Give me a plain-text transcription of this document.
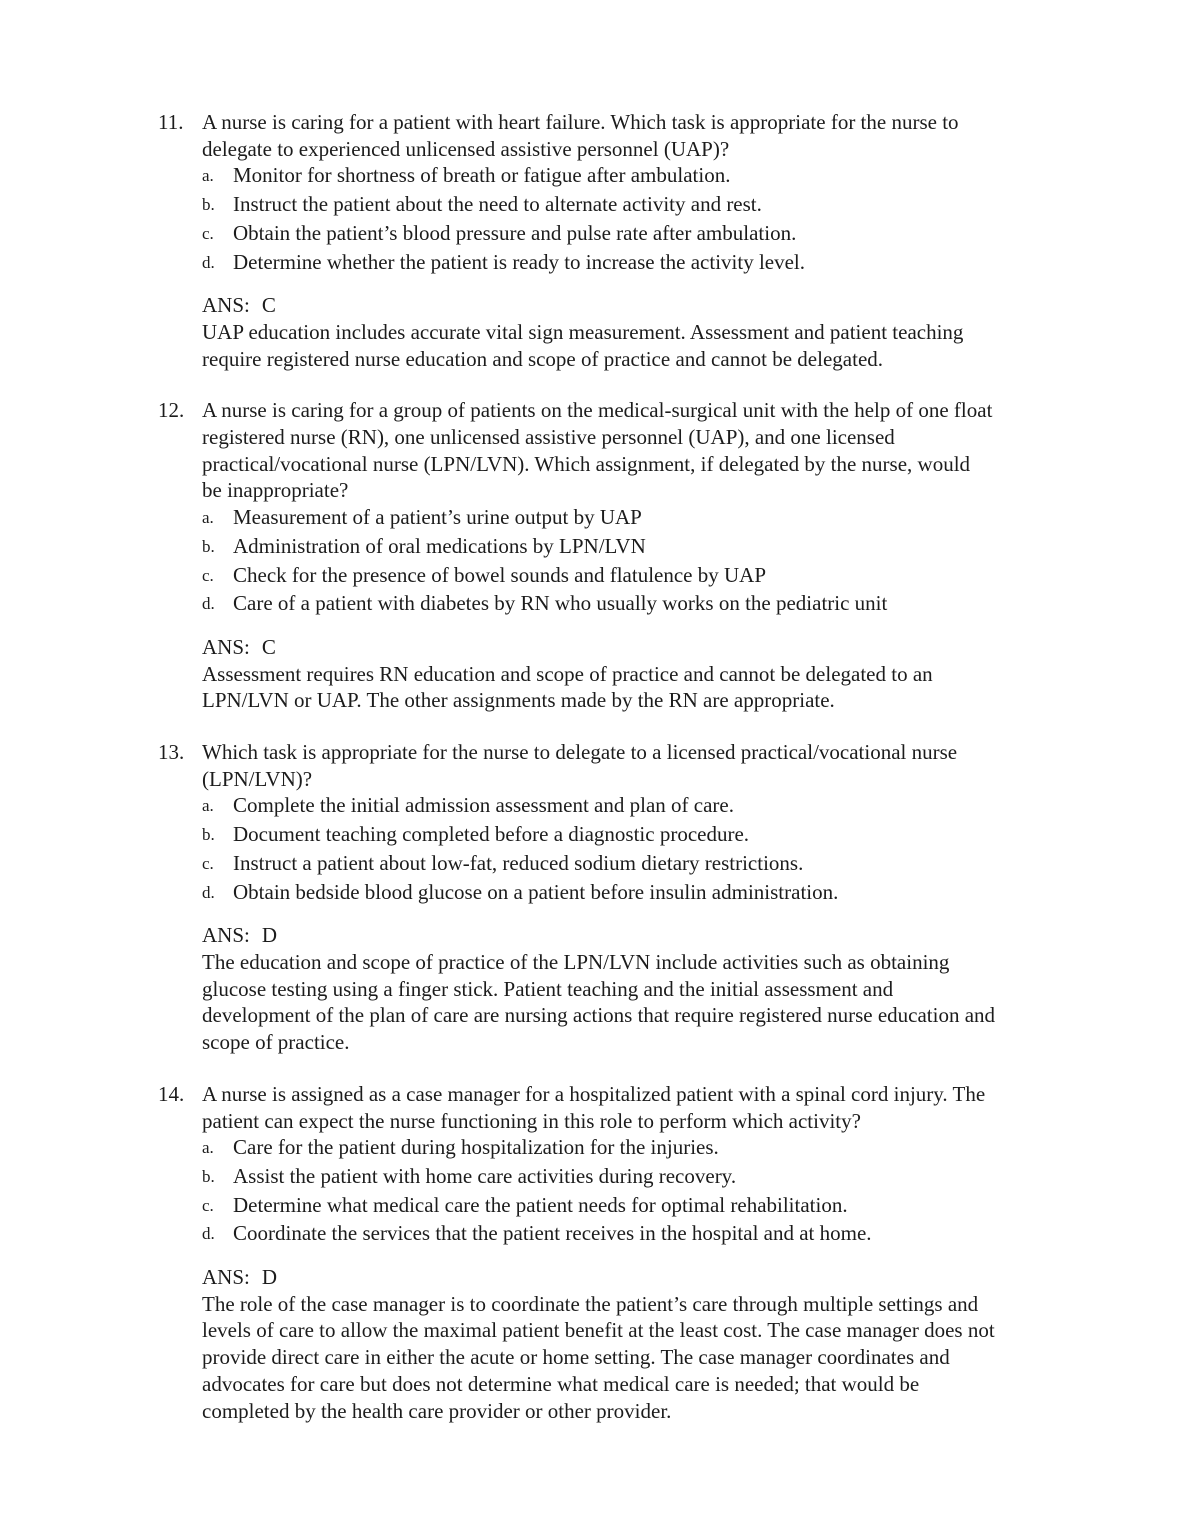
11. A nurse is caring for a patient with heart failure. Which task is appropriate for the nurse to
delegate to experienced unlicensed assistive personnel (UAP)?
a. Monitor for shortness of breath or fatigue after ambulation.
b. Instruct the patient about the need to alternate activity and rest.
c. Obtain the patient’s blood pressure and pulse rate after ambulation.
d. Determine whether the patient is ready to increase the activity level.
ANS: C
UAP education includes accurate vital sign measurement. Assessment and patient teaching
require registered nurse education and scope of practice and cannot be delegated.
12. A nurse is caring for a group of patients on the medical-surgical unit with the help of one float
registered nurse (RN), one unlicensed assistive personnel (UAP), and one licensed
practical/vocational nurse (LPN/LVN). Which assignment, if delegated by the nurse, would
be inappropriate?
a. Measurement of a patient’s urine output by UAP
b. Administration of oral medications by LPN/LVN
c. Check for the presence of bowel sounds and flatulence by UAP
d. Care of a patient with diabetes by RN who usually works on the pediatric unit
ANS: C
Assessment requires RN education and scope of practice and cannot be delegated to an
LPN/LVN or UAP. The other assignments made by the RN are appropriate.
13. Which task is appropriate for the nurse to delegate to a licensed practical/vocational nurse
(LPN/LVN)?
a. Complete the initial admission assessment and plan of care.
b. Document teaching completed before a diagnostic procedure.
c. Instruct a patient about low-fat, reduced sodium dietary restrictions.
d. Obtain bedside blood glucose on a patient before insulin administration.
ANS: D
The education and scope of practice of the LPN/LVN include activities such as obtaining
glucose testing using a finger stick. Patient teaching and the initial assessment and
development of the plan of care are nursing actions that require registered nurse education and
scope of practice.
14. A nurse is assigned as a case manager for a hospitalized patient with a spinal cord injury. The
patient can expect the nurse functioning in this role to perform which activity?
a. Care for the patient during hospitalization for the injuries.
b. Assist the patient with home care activities during recovery.
c. Determine what medical care the patient needs for optimal rehabilitation.
d. Coordinate the services that the patient receives in the hospital and at home.
ANS: D
The role of the case manager is to coordinate the patient’s care through multiple settings and
levels of care to allow the maximal patient benefit at the least cost. The case manager does not
provide direct care in either the acute or home setting. The case manager coordinates and
advocates for care but does not determine what medical care is needed; that would be
completed by the health care provider or other provider.
